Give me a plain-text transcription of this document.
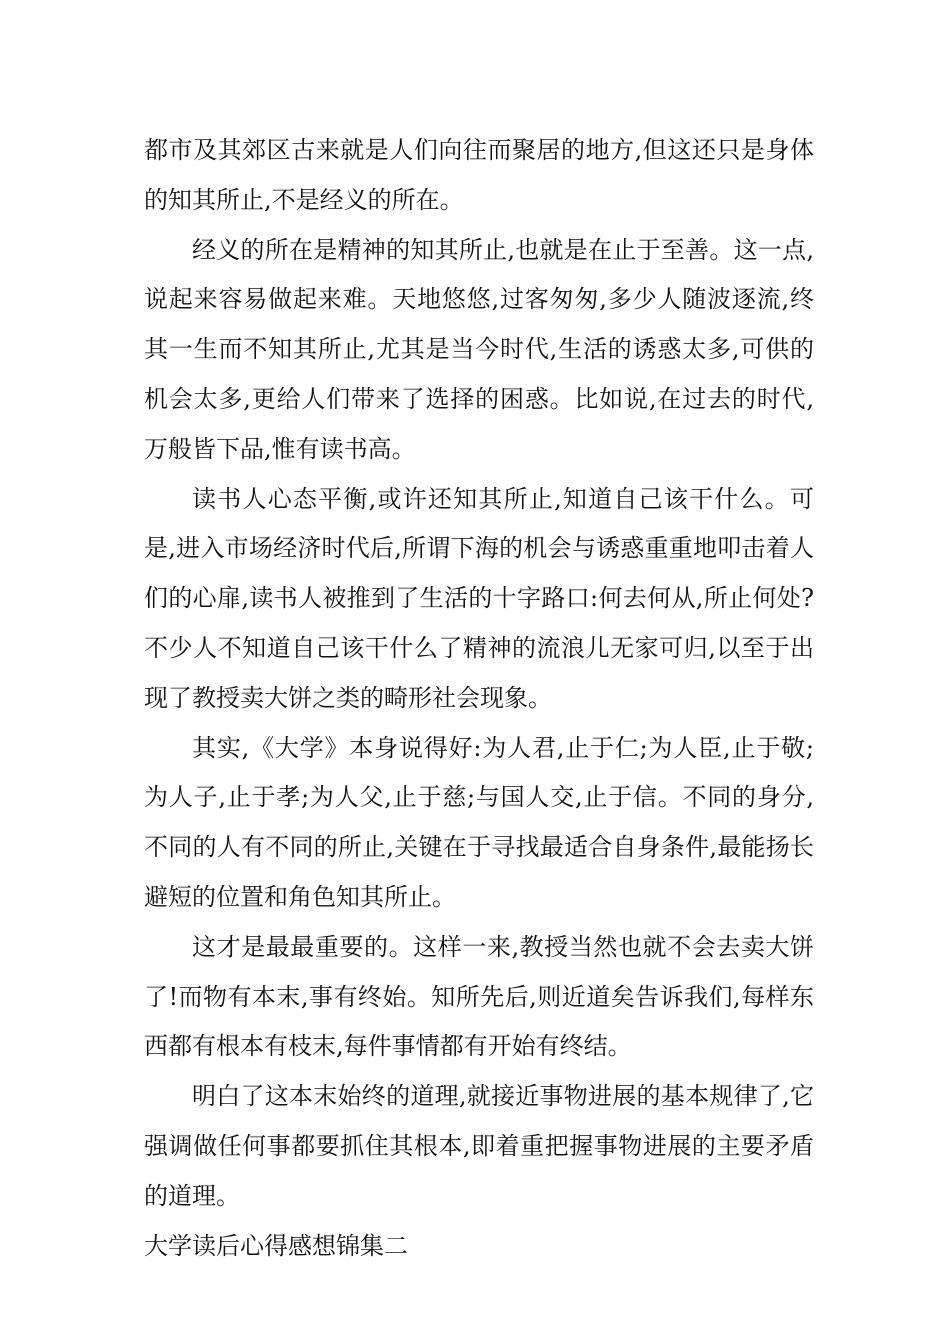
都市及其郊区古来就是人们向往而聚居的地方,但这还只是身体的知其所止,不是经义的所在。

经义的所在是精神的知其所止,也就是在止于至善。这一点,说起来容易做起来难。天地悠悠,过客匆匆,多少人随波逐流,终其一生而不知其所止,尤其是当今时代,生活的诱惑太多,可供的机会太多,更给人们带来了选择的困惑。比如说,在过去的时代,万般皆下品,惟有读书高。

读书人心态平衡,或许还知其所止,知道自己该干什么。可是,进入市场经济时代后,所谓下海的机会与诱惑重重地叩击着人们的心扉,读书人被推到了生活的十字路口:何去何从,所止何处?不少人不知道自己该干什么了精神的流浪儿无家可归,以至于出现了教授卖大饼之类的畸形社会现象。

其实,《大学》本身说得好:为人君,止于仁;为人臣,止于敬;为人子,止于孝;为人父,止于慈;与国人交,止于信。不同的身分,不同的人有不同的所止,关键在于寻找最适合自身条件,最能扬长避短的位置和角色知其所止。

这才是最最重要的。这样一来,教授当然也就不会去卖大饼了!而物有本末,事有终始。知所先后,则近道矣告诉我们,每样东西都有根本有枝末,每件事情都有开始有终结。

明白了这本末始终的道理,就接近事物进展的基本规律了,它强调做任何事都要抓住其根本,即着重把握事物进展的主要矛盾的道理。

大学读后心得感想锦集二
